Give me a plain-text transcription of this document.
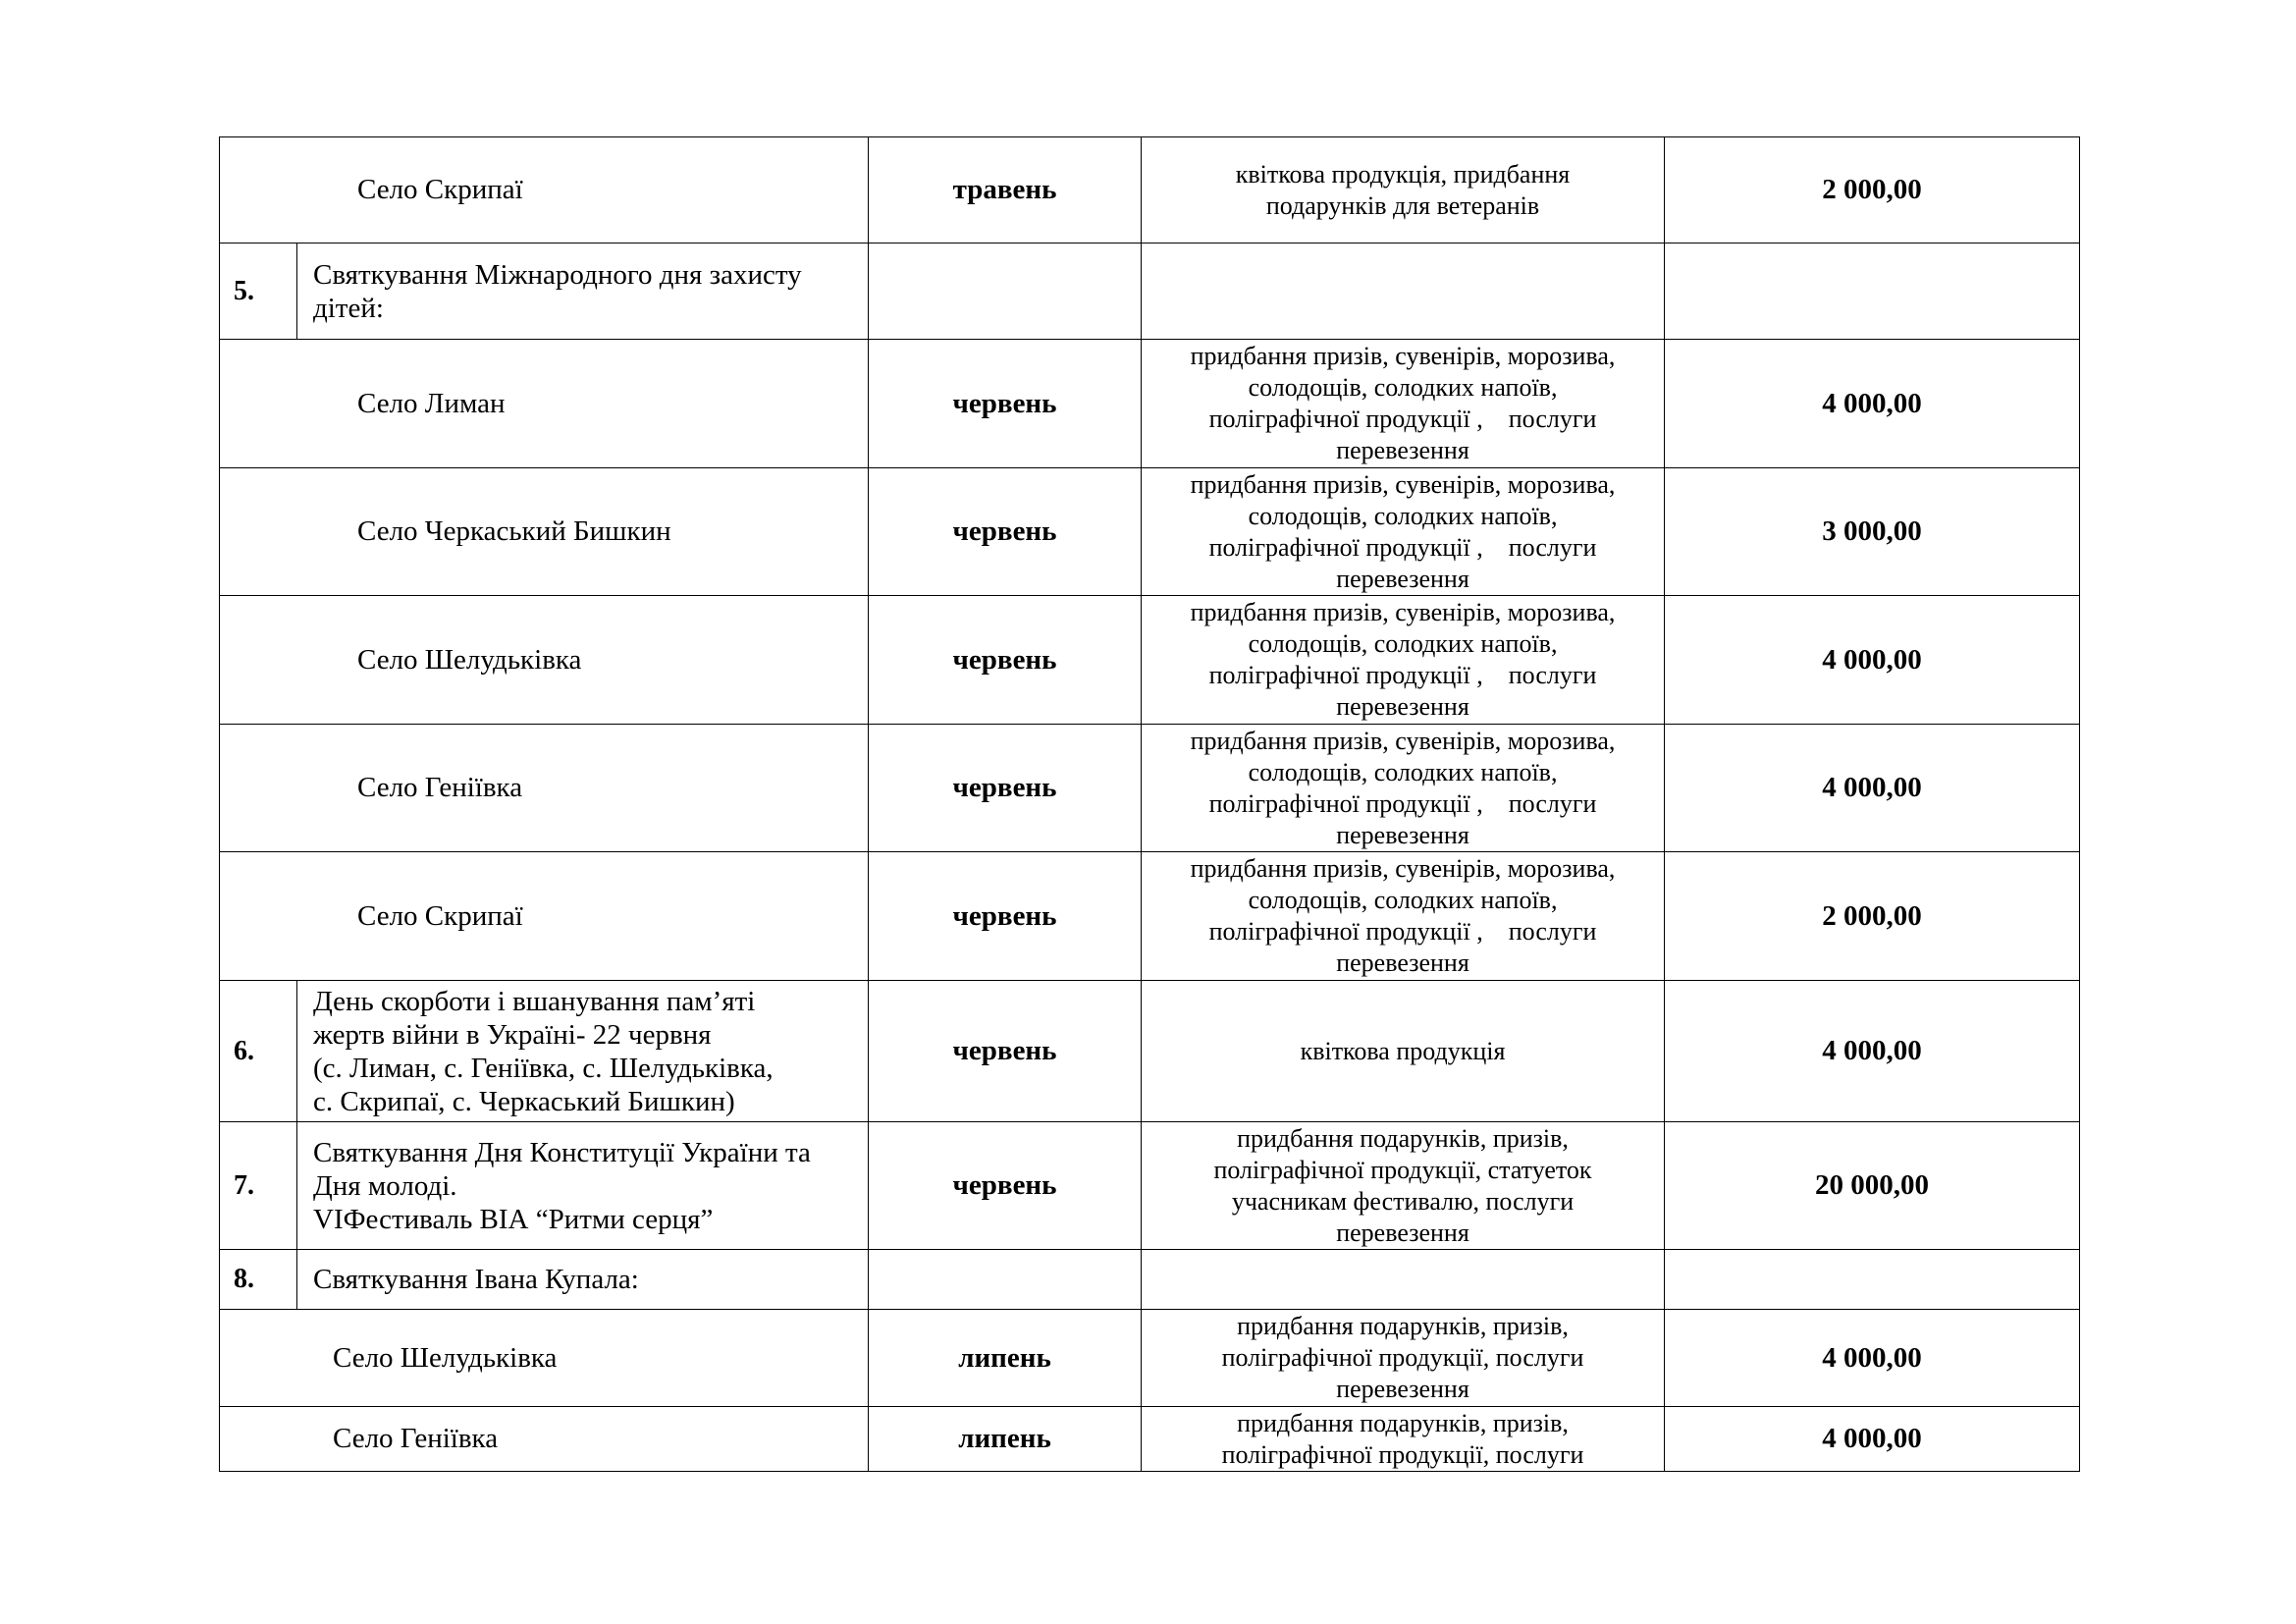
Село Скрипаї		травень	квіткова продукція, придбання
подарунків для ветеранів	2 000,00
5.	Святкування Міжнародного дня захисту
дітей:			

Село Лиман		червень	придбання призів, сувенірів, морозива,
солодощів, солодких напоїв,
поліграфічної продукції ,    послуги
перевезення	4 000,00
Село Черкаський Бишкин		червень	придбання призів, сувенірів, морозива,
солодощів, солодких напоїв,
поліграфічної продукції ,    послуги
перевезення	3 000,00
Село Шелудьківка		червень	придбання призів, сувенірів, морозива,
солодощів, солодких напоїв,
поліграфічної продукції ,    послуги
перевезення	4 000,00
Село Геніївка		червень	придбання призів, сувенірів, морозива,
солодощів, солодких напоїв,
поліграфічної продукції ,    послуги
перевезення	4 000,00
Село Скрипаї		червень	придбання призів, сувенірів, морозива,
солодощів, солодких напоїв,
поліграфічної продукції ,    послуги
перевезення	2 000,00
6.	День скорботи і вшанування пам’яті
жертв війни в Україні- 22 червня
(с. Лиман, с. Геніївка, с. Шелудьківка,
с. Скрипаї, с. Черкаський Бишкин)	червень	квіткова продукція	4 000,00
7.	Святкування Дня Конституції України та
Дня молоді.
VIФестиваль ВІА “Ритми серця”	червень	придбання подарунків, призів,
поліграфічної продукції, статуеток
учасникам фестивалю, послуги
перевезення	20 000,00
8.	Святкування Івана Купала:			

Село Шелудьківка		липень	придбання подарунків, призів,
поліграфічної продукції, послуги
перевезення	4 000,00
Село Геніївка		липень	придбання подарунків, призів,
поліграфічної продукції, послуги	4 000,00
